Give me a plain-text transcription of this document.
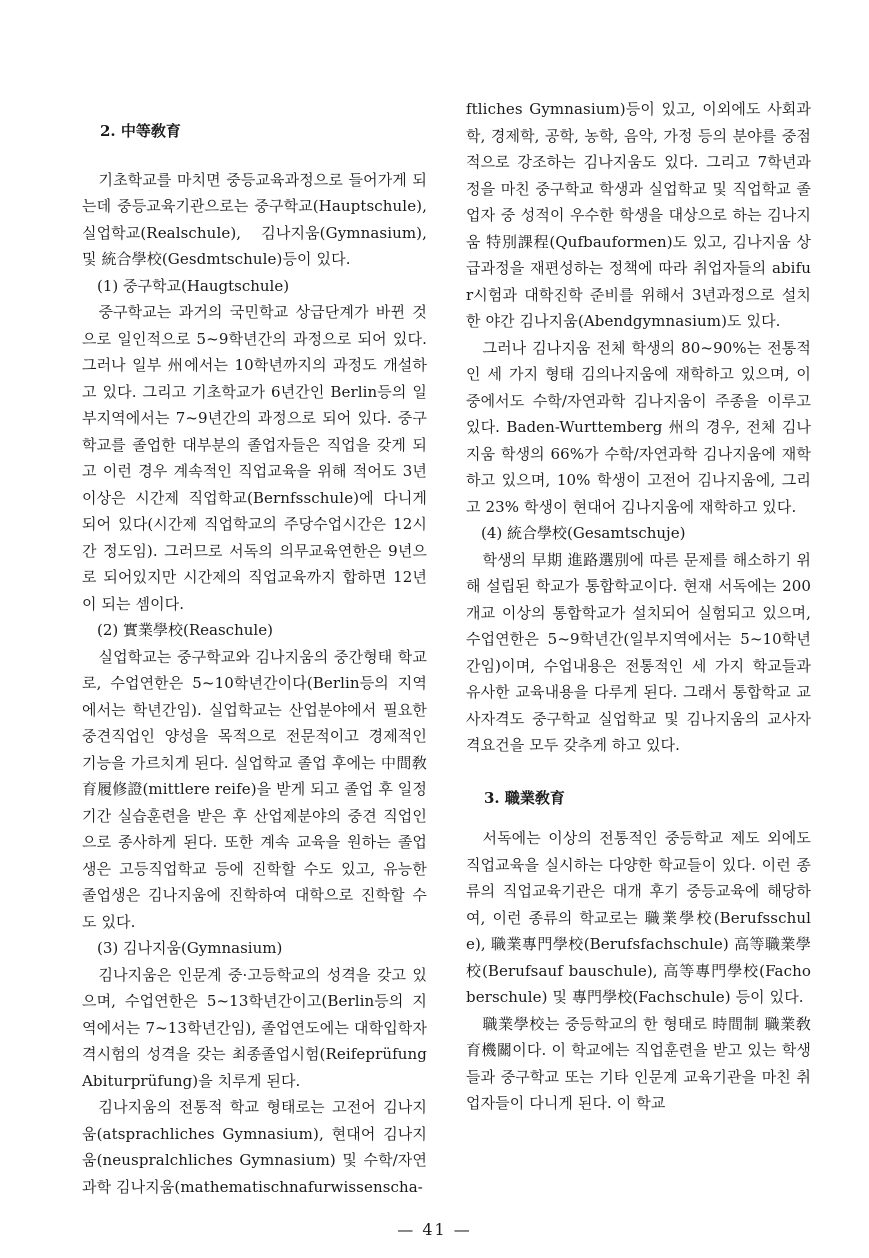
2. 中等敎育

기초학교를 마치면 중등교육과정으로 들어가게 되는데 중등교육기관으로는 중구학교(Hauptschule), 실업학교(Realschule), 김나지움(Gymnasium), 및 統合學校(Gesdmtschule)등이 있다.

(1) 중구학교(Haugtschule)

중구학교는 과거의 국민학교 상급단계가 바뀐 것으로 일인적으로 5~9학년간의 과정으로 되어 있다. 그러나 일부 州에서는 10학년까지의 과정도 개설하고 있다. 그리고 기초학교가 6년간인 Berlin등의 일부지역에서는 7~9년간의 과정으로 되어 있다. 중구학교를 졸업한 대부분의 졸업자들은 직업을 갖게 되고 이런 경우 계속적인 직업교육을 위해 적어도 3년 이상은 시간제 직업학교(Bernfsschule)에 다니게 되어 있다(시간제 직업학교의 주당수업시간은 12시간 정도임). 그러므로 서독의 의무교육연한은 9년으로 되어있지만 시간제의 직업교육까지 합하면 12년이 되는 셈이다.

(2) 實業學校(Reaschule)

실업학교는 중구학교와 김나지움의 중간형태 학교로, 수업연한은 5~10학년간이다(Berlin등의 지역에서는 학년간임). 실업학교는 산업분야에서 필요한 중견직업인 양성을 목적으로 전문적이고 경제적인 기능을 가르치게 된다. 실업학교 졸업 후에는 中間敎育履修證(mittlere reife)을 받게 되고 졸업 후 일정기간 실습훈련을 받은 후 산업제분야의 중견 직업인으로 종사하게 된다. 또한 계속 교육을 원하는 졸업생은 고등직업학교 등에 진학할 수도 있고, 유능한 졸업생은 김나지움에 진학하여 대학으로 진학할 수도 있다.

(3) 김나지움(Gymnasium)

김나지움은 인문계 중·고등학교의 성격을 갖고 있으며, 수업연한은 5~13학년간이고(Berlin등의 지역에서는 7~13학년간임), 졸업연도에는 대학입학자격시험의 성격을 갖는 최종졸업시험(Reifeprüfung Abiturprüfung)을 치루게 된다.

김나지움의 전통적 학교 형태로는 고전어 김나지움(atsprachliches Gymnasium), 현대어 김나지움(neuspralchliches Gymnasium) 및 수학/자연과학 김나지움(mathematischnafurwissenscha-

ftliches Gymnasium)등이 있고, 이외에도 사회과학, 경제학, 공학, 농학, 음악, 가정 등의 분야를 중점적으로 강조하는 김나지움도 있다. 그리고 7학년과정을 마친 중구학교 학생과 실업학교 및 직업학교 졸업자 중 성적이 우수한 학생을 대상으로 하는 김나지움 特別課程(Qufbauformen)도 있고, 김나지움 상급과정을 재편성하는 정책에 따라 취업자들의 abifur시험과 대학진학 준비를 위해서 3년과정으로 설치한 야간 김나지움(Abendgymnasium)도 있다.

그러나 김나지움 전체 학생의 80~90%는 전통적인 세 가지 형태 김의나지움에 재학하고 있으며, 이중에서도 수학/자연과학 김나지움이 주종을 이루고 있다. Baden-Wurttemberg 州의 경우, 전체 김나지움 학생의 66%가 수학/자연과학 김나지움에 재학하고 있으며, 10% 학생이 고전어 김나지움에, 그리고 23% 학생이 현대어 김나지움에 재학하고 있다.

(4) 統合學校(Gesamtschuje)

학생의 早期 進路選別에 따른 문제를 해소하기 위해 설립된 학교가 통합학교이다. 현재 서독에는 200개교 이상의 통합학교가 설치되어 실험되고 있으며, 수업연한은 5~9학년간(일부지역에서는 5~10학년간임)이며, 수업내용은 전통적인 세 가지 학교들과 유사한 교육내용을 다루게 된다. 그래서 통합학교 교사자격도 중구학교 실업학교 및 김나지움의 교사자격요건을 모두 갖추게 하고 있다.

3. 職業敎育

서독에는 이상의 전통적인 중등학교 제도 외에도 직업교육을 실시하는 다양한 학교들이 있다. 이런 종류의 직업교육기관은 대개 후기 중등교육에 해당하여, 이런 종류의 학교로는 職業學校(Berufsschule), 職業專門學校(Berufsfachschule) 高等職業學校(Berufsauf bauschule), 高等專門學校(Fachoberschule) 및 專門學校(Fachschule) 등이 있다.

職業學校는 중등학교의 한 형태로 時間制 職業敎育機關이다. 이 학교에는 직업훈련을 받고 있는 학생들과 중구학교 또는 기타 인문계 교육기관을 마친 취업자들이 다니게 된다. 이 학교

— 41 —
